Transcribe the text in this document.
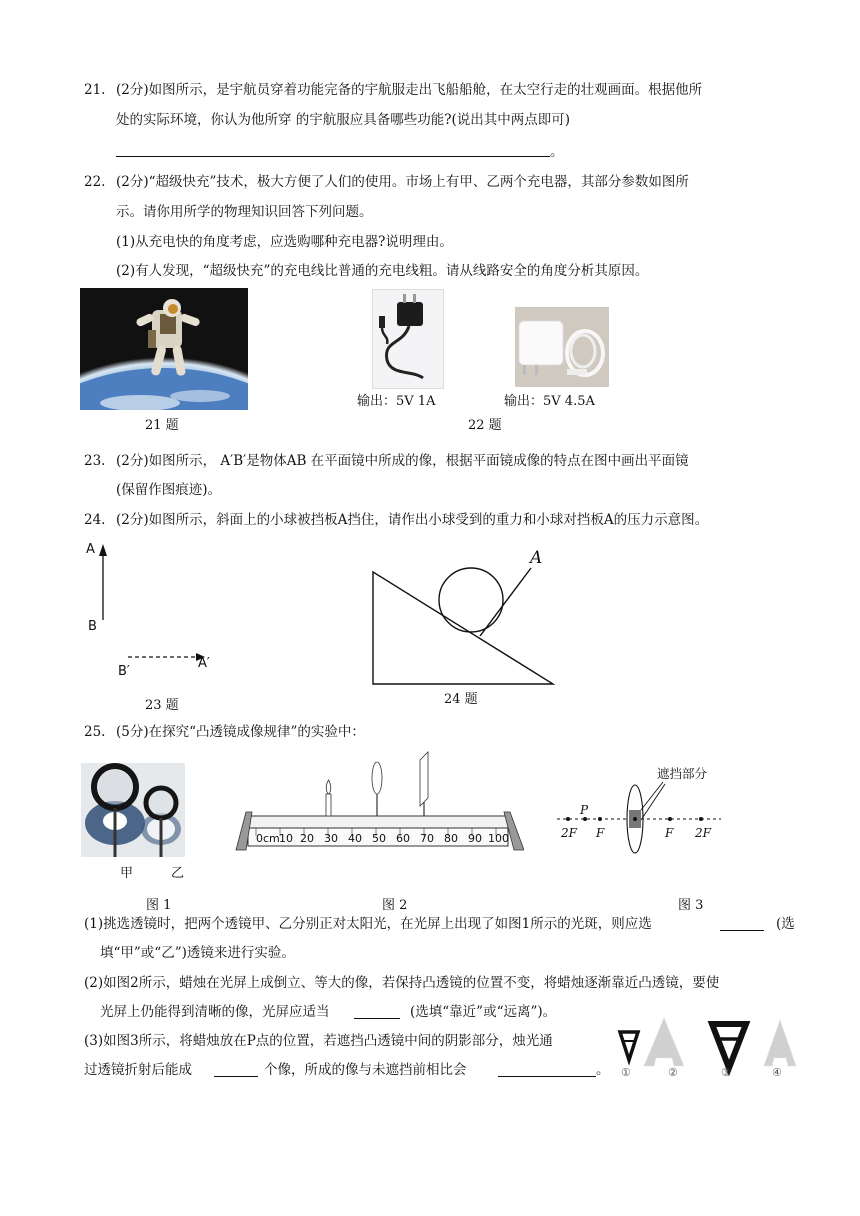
21. (2分)如图所示，是宇航员穿着功能完备的宇航服走出飞船船舱，在太空行走的壮观画面。根据他所
处的实际环境，你认为他所穿 的宇航服应具备哪些功能?(说出其中两点即可)
。
22. (2分)“超级快充”技术，极大方便了人们的使用。市场上有甲、乙两个充电器，其部分参数如图所
示。请你用所学的物理知识回答下列问题。
(1)从充电快的角度考虑，应选购哪种充电器?说明理由。
(2)有人发现，“超级快充”的充电线比普通的充电线粗。请从线路安全的角度分析其原因。
21 题
输出：5V 1A	输出：5V 4.5A
22 题
23. (2分)如图所示， A′B′是物体AB 在平面镜中所成的像，根据平面镜成像的特点在图中画出平面镜
(保留作图痕迹)。
24. (2分)如图所示，斜面上的小球被挡板A挡住，请作出小球受到的重力和小球对挡板A的压力示意图。
A
B
B′
A′
23 题
A
24 题
25. (5分)在探究“凸透镜成像规律”的实验中：
甲	乙
图 1
0cm 10 20 30 40 50 60 70 80 90 100
图 2
遮挡部分
P
O
2F F	F 2F
图 3
(1)挑选透镜时，把两个透镜甲、乙分别正对太阳光，在光屏上出现了如图1所示的光斑，则应选	(选
填“甲”或“乙”)透镜来进行实验。
(2)如图2所示，蜡烛在光屏上成倒立、等大的像，若保持凸透镜的位置不变，将蜡烛逐渐靠近凸透镜，要使
光屏上仍能得到清晰的像，光屏应适当	(选填“靠近”或“远离”)。
(3)如图3所示，将蜡烛放在P点的位置，若遮挡凸透镜中间的阴影部分，烛光通
过透镜折射后能成	个像，所成的像与未遮挡前相比会	。 ①	②	③	④
